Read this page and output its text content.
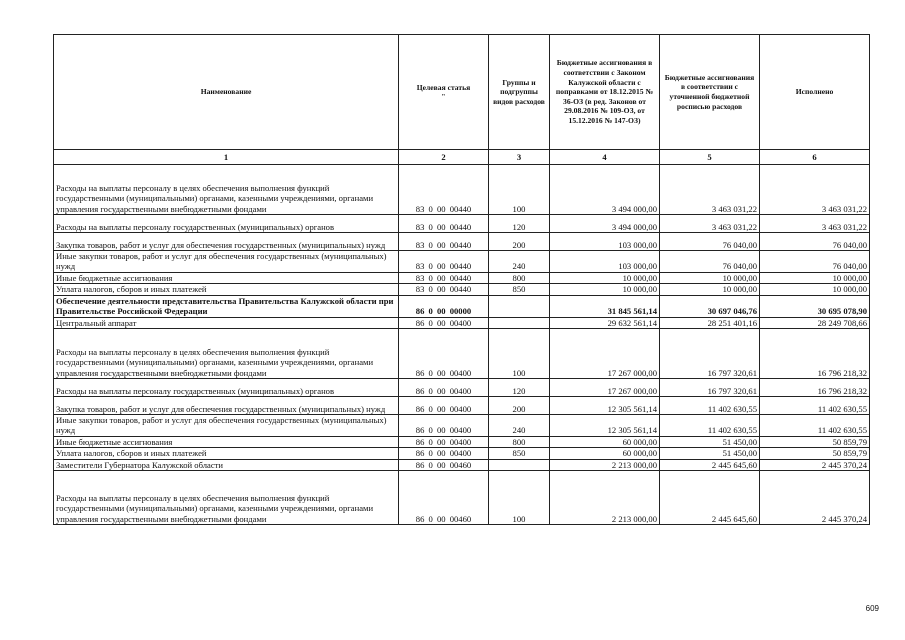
Наименование	Целевая статья
"	Группы и подгруппы видов расходов	Бюджетные ассигнования в соответствии с Законом Калужской области с поправками от 18.12.2015 № 36-ОЗ (в ред. Законов от 29.08.2016 № 109-ОЗ, от 15.12.2016 № 147-ОЗ)	Бюджетные ассигнования в соответствии с уточненной бюджетной росписью расходов	Исполнено
1	2	3	4	5	6
Расходы на выплаты персоналу в целях обеспечения выполнения функций государственными (муниципальными) органами, казенными учреждениями, органами управления государственными внебюджетными фондами	83 0 00 00440	100	3 494 000,00	3 463 031,22	3 463 031,22
Расходы на выплаты персоналу государственных (муниципальных) органов	83 0 00 00440	120	3 494 000,00	3 463 031,22	3 463 031,22
Закупка товаров, работ и услуг для обеспечения государственных (муниципальных) нужд	83 0 00 00440	200	103 000,00	76 040,00	76 040,00
Иные закупки товаров, работ и услуг для обеспечения государственных (муниципальных) нужд	83 0 00 00440	240	103 000,00	76 040,00	76 040,00
Иные бюджетные ассигнования	83 0 00 00440	800	10 000,00	10 000,00	10 000,00
Уплата налогов, сборов и иных платежей	83 0 00 00440	850	10 000,00	10 000,00	10 000,00
Обеспечение деятельности представительства Правительства Калужской области при Правительстве Российской Федерации	86 0 00 00000		31 845 561,14	30 697 046,76	30 695 078,90
Центральный аппарат	86 0 00 00400		29 632 561,14	28 251 401,16	28 249 708,66
Расходы на выплаты персоналу в целях обеспечения выполнения функций государственными (муниципальными) органами, казенными учреждениями, органами управления государственными внебюджетными фондами	86 0 00 00400	100	17 267 000,00	16 797 320,61	16 796 218,32
Расходы на выплаты персоналу государственных (муниципальных) органов	86 0 00 00400	120	17 267 000,00	16 797 320,61	16 796 218,32
Закупка товаров, работ и услуг для обеспечения государственных (муниципальных) нужд	86 0 00 00400	200	12 305 561,14	11 402 630,55	11 402 630,55
Иные закупки товаров, работ и услуг для обеспечения государственных (муниципальных) нужд	86 0 00 00400	240	12 305 561,14	11 402 630,55	11 402 630,55
Иные бюджетные ассигнования	86 0 00 00400	800	60 000,00	51 450,00	50 859,79
Уплата налогов, сборов и иных платежей	86 0 00 00400	850	60 000,00	51 450,00	50 859,79
Заместители Губернатора Калужской области	86 0 00 00460		2 213 000,00	2 445 645,60	2 445 370,24
Расходы на выплаты персоналу в целях обеспечения выполнения функций государственными (муниципальными) органами, казенными учреждениями, органами управления государственными внебюджетными фондами	86 0 00 00460	100	2 213 000,00	2 445 645,60	2 445 370,24
609
